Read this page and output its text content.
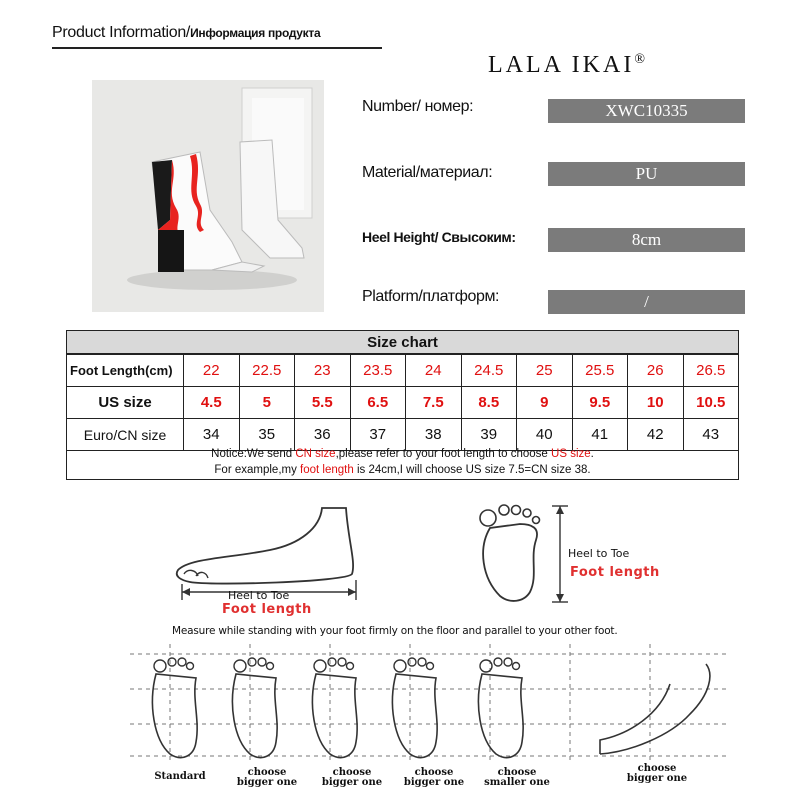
Product Information/Информация продукта
LALA IKAI®
Number/ номер:	XWC10335
Material/материал:	PU
Heel Height/ Свысоким:	8cm
Platform/платформ:	/
Size chart
Foot Length(cm)	22	22.5	23	23.5	24	24.5	25	25.5	26	26.5
US size	4.5	5	5.5	6.5	7.5	8.5	9	9.5	10	10.5
Euro/CN size	34	35	36	37	38	39	40	41	42	43
Notice:We send CN size,please refer to your foot length to choose US size.
For example,my foot length is 24cm,I will choose US size 7.5=CN size 38.
Heel to Toe
Foot length
Heel to Toe
Foot length
Measure while standing with your foot firmly on the floor and parallel to your other foot.
Standard	choose
bigger one
choose
bigger one
choose
bigger one
choose
smaller one
choose
bigger one
